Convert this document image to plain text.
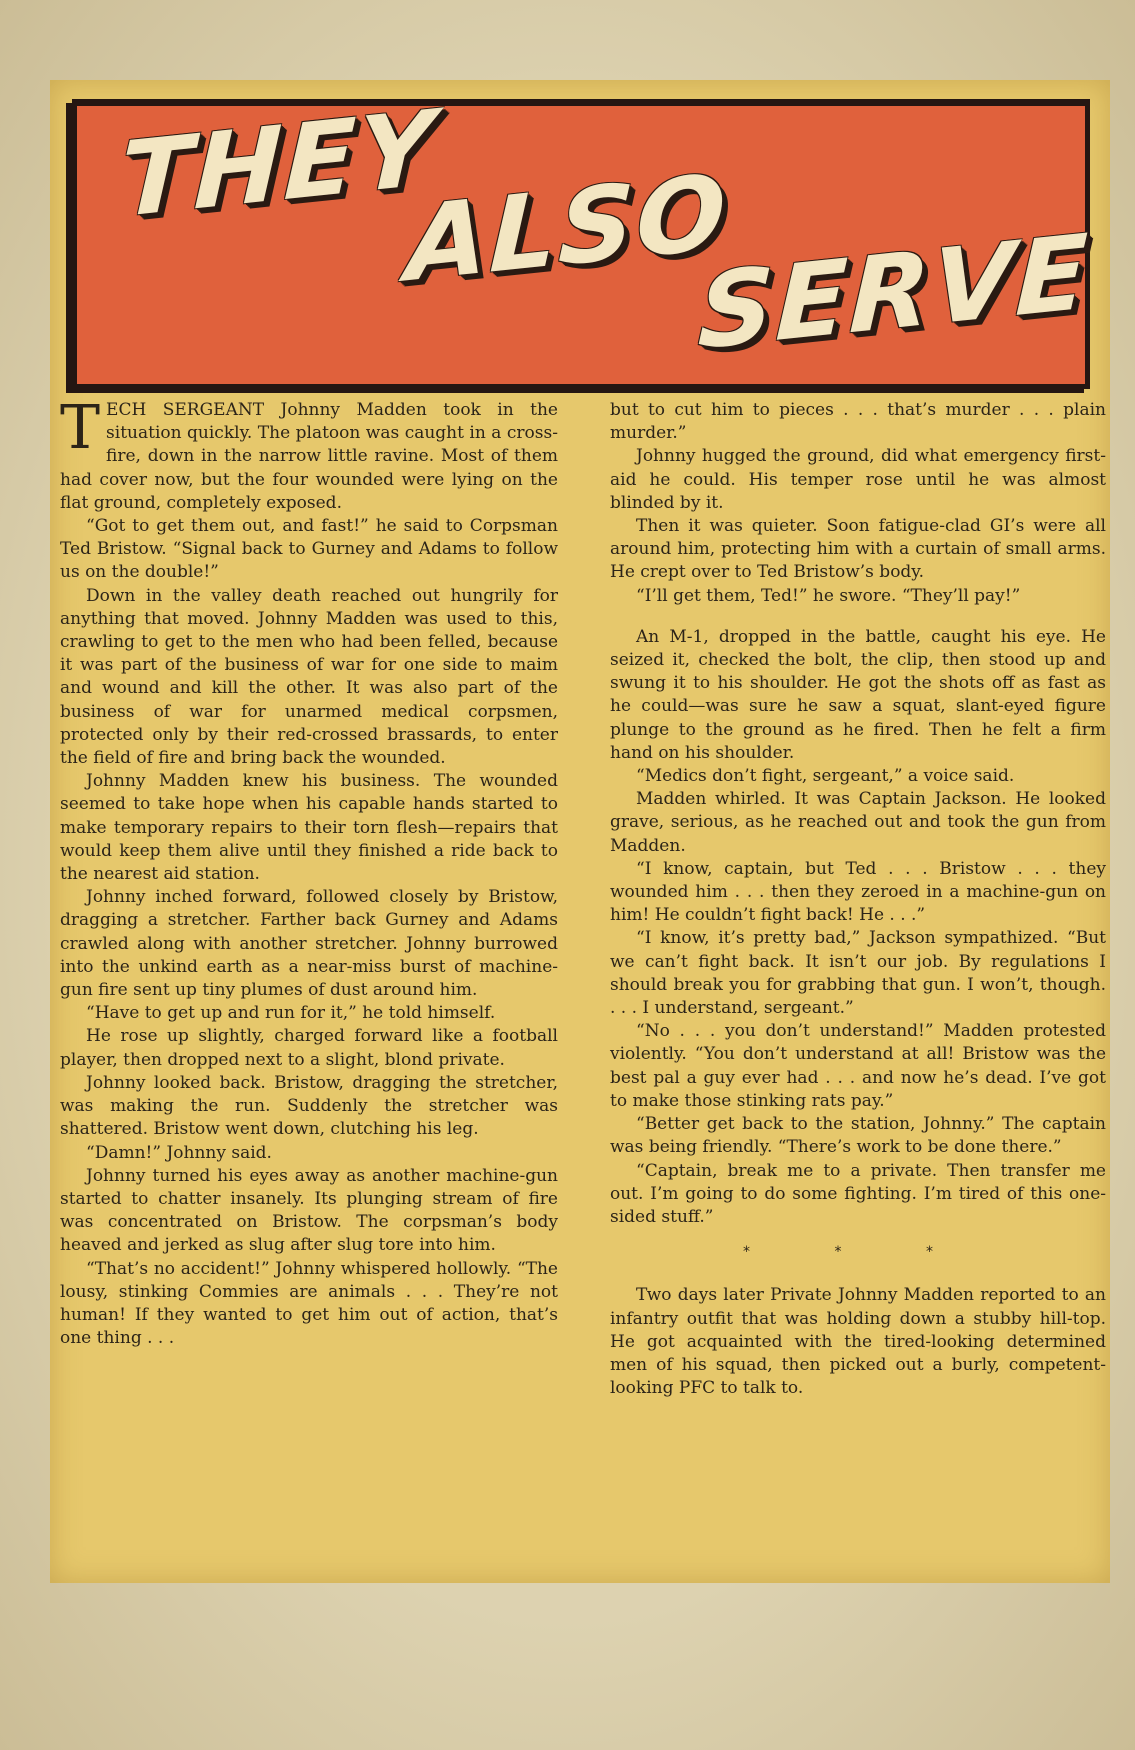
THEY
ALSO
SERVE

TECH SERGEANT Johnny Madden took in the situation quickly. The platoon was caught in a cross-fire, down in the narrow little ravine. Most of them had cover now, but the four wounded were lying on the flat ground, completely exposed.

“Got to get them out, and fast!” he said to Corpsman Ted Bristow. “Signal back to Gurney and Adams to follow us on the double!”

Down in the valley death reached out hungrily for anything that moved. Johnny Madden was used to this, crawling to get to the men who had been felled, because it was part of the business of war for one side to maim and wound and kill the other. It was also part of the business of war for unarmed medical corpsmen, protected only by their red-crossed brassards, to enter the field of fire and bring back the wounded.

Johnny Madden knew his business. The wounded seemed to take hope when his capable hands started to make temporary repairs to their torn flesh—repairs that would keep them alive until they finished a ride back to the nearest aid station.

Johnny inched forward, followed closely by Bristow, dragging a stretcher. Farther back Gurney and Adams crawled along with another stretcher. Johnny burrowed into the unkind earth as a near-miss burst of machine-gun fire sent up tiny plumes of dust around him.

“Have to get up and run for it,” he told himself.

He rose up slightly, charged forward like a football player, then dropped next to a slight, blond private.

Johnny looked back. Bristow, dragging the stretcher, was making the run. Suddenly the stretcher was shattered. Bristow went down, clutching his leg.

“Damn!” Johnny said.

Johnny turned his eyes away as another machine-gun started to chatter insanely. Its plunging stream of fire was concentrated on Bristow. The corpsman’s body heaved and jerked as slug after slug tore into him.

“That’s no accident!” Johnny whispered hollowly. “The lousy, stinking Commies are animals . . . They’re not human! If they wanted to get him out of action, that’s one thing . . .

but to cut him to pieces . . . that’s murder . . . plain murder.”

Johnny hugged the ground, did what emergency first-aid he could. His temper rose until he was almost blinded by it.

Then it was quieter. Soon fatigue-clad GI’s were all around him, protecting him with a curtain of small arms. He crept over to Ted Bristow’s body.

“I’ll get them, Ted!” he swore. “They’ll pay!”

An M-1, dropped in the battle, caught his eye. He seized it, checked the bolt, the clip, then stood up and swung it to his shoulder. He got the shots off as fast as he could—was sure he saw a squat, slant-eyed figure plunge to the ground as he fired. Then he felt a firm hand on his shoulder.

“Medics don’t fight, sergeant,” a voice said.

Madden whirled. It was Captain Jackson. He looked grave, serious, as he reached out and took the gun from Madden.

“I know, captain, but Ted . . . Bristow . . . they wounded him . . . then they zeroed in a machine-gun on him! He couldn’t fight back! He . . .”

“I know, it’s pretty bad,” Jackson sympathized. “But we can’t fight back. It isn’t our job. By regulations I should break you for grabbing that gun. I won’t, though. . . . I understand, sergeant.”

“No . . . you don’t understand!” Madden protested violently. “You don’t understand at all! Bristow was the best pal a guy ever had . . . and now he’s dead. I’ve got to make those stinking rats pay.”

“Better get back to the station, Johnny.” The captain was being friendly. “There’s work to be done there.”

“Captain, break me to a private. Then transfer me out. I’m going to do some fighting. I’m tired of this one-sided stuff.”

* * *

Two days later Private Johnny Madden reported to an infantry outfit that was holding down a stubby hill-top. He got acquainted with the tired-looking determined men of his squad, then picked out a burly, competent-looking PFC to talk to.
